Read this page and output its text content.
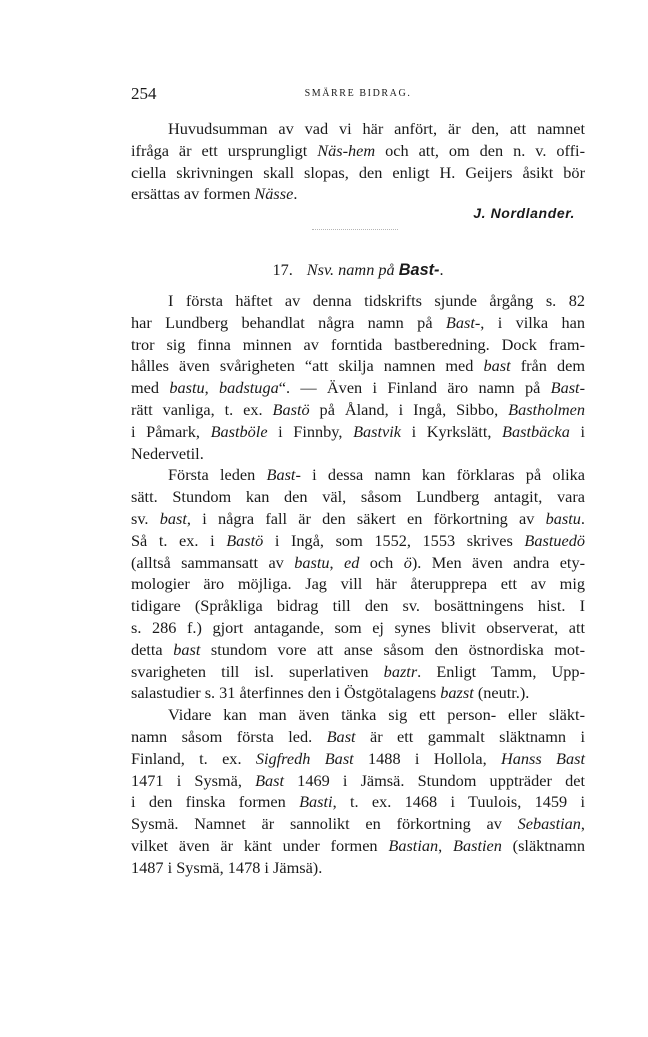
254	SMÄRRE BIDRAG.
Huvudsumman av vad vi här anfört, är den, att namnet
ifråga är ett ursprungligt Näs-hem och att, om den n. v. offi-
ciella skrivningen skall slopas, den enligt H. Geijers åsikt bör
ersättas av formen Nässe.
J. Nordlander.
17. Nsv. namn på Bast-.
I första häftet av denna tidskrifts sjunde årgång s. 82
har Lundberg behandlat några namn på Bast-, i vilka han
tror sig finna minnen av forntida bastberedning. Dock fram-
hålles även svårigheten “att skilja namnen med bast från dem
med bastu, badstuga“. — Även i Finland äro namn på Bast-
rätt vanliga, t. ex. Bastö på Åland, i Ingå, Sibbo, Bastholmen
i Påmark, Bastböle i Finnby, Bastvik i Kyrkslätt, Bastbäcka i
Nedervetil.
Första leden Bast- i dessa namn kan förklaras på olika
sätt. Stundom kan den väl, såsom Lundberg antagit, vara
sv. bast, i några fall är den säkert en förkortning av bastu.
Så t. ex. i Bastö i Ingå, som 1552, 1553 skrives Bastuedö
(alltså sammansatt av bastu, ed och ö). Men även andra ety-
mologier äro möjliga. Jag vill här återupprepa ett av mig
tidigare (Språkliga bidrag till den sv. bosättningens hist. I
s. 286 f.) gjort antagande, som ej synes blivit observerat, att
detta bast stundom vore att anse såsom den östnordiska mot-
svarigheten till isl. superlativen baztr. Enligt Tamm, Upp-
salastudier s. 31 återfinnes den i Östgötalagens bazst (neutr.).
Vidare kan man även tänka sig ett person- eller släkt-
namn såsom första led. Bast är ett gammalt släktnamn i
Finland, t. ex. Sigfredh Bast 1488 i Hollola, Hanss Bast
1471 i Sysmä, Bast 1469 i Jämsä. Stundom uppträder det
i den finska formen Basti, t. ex. 1468 i Tuulois, 1459 i
Sysmä. Namnet är sannolikt en förkortning av Sebastian,
vilket även är känt under formen Bastian, Bastien (släktnamn
1487 i Sysmä, 1478 i Jämsä).
